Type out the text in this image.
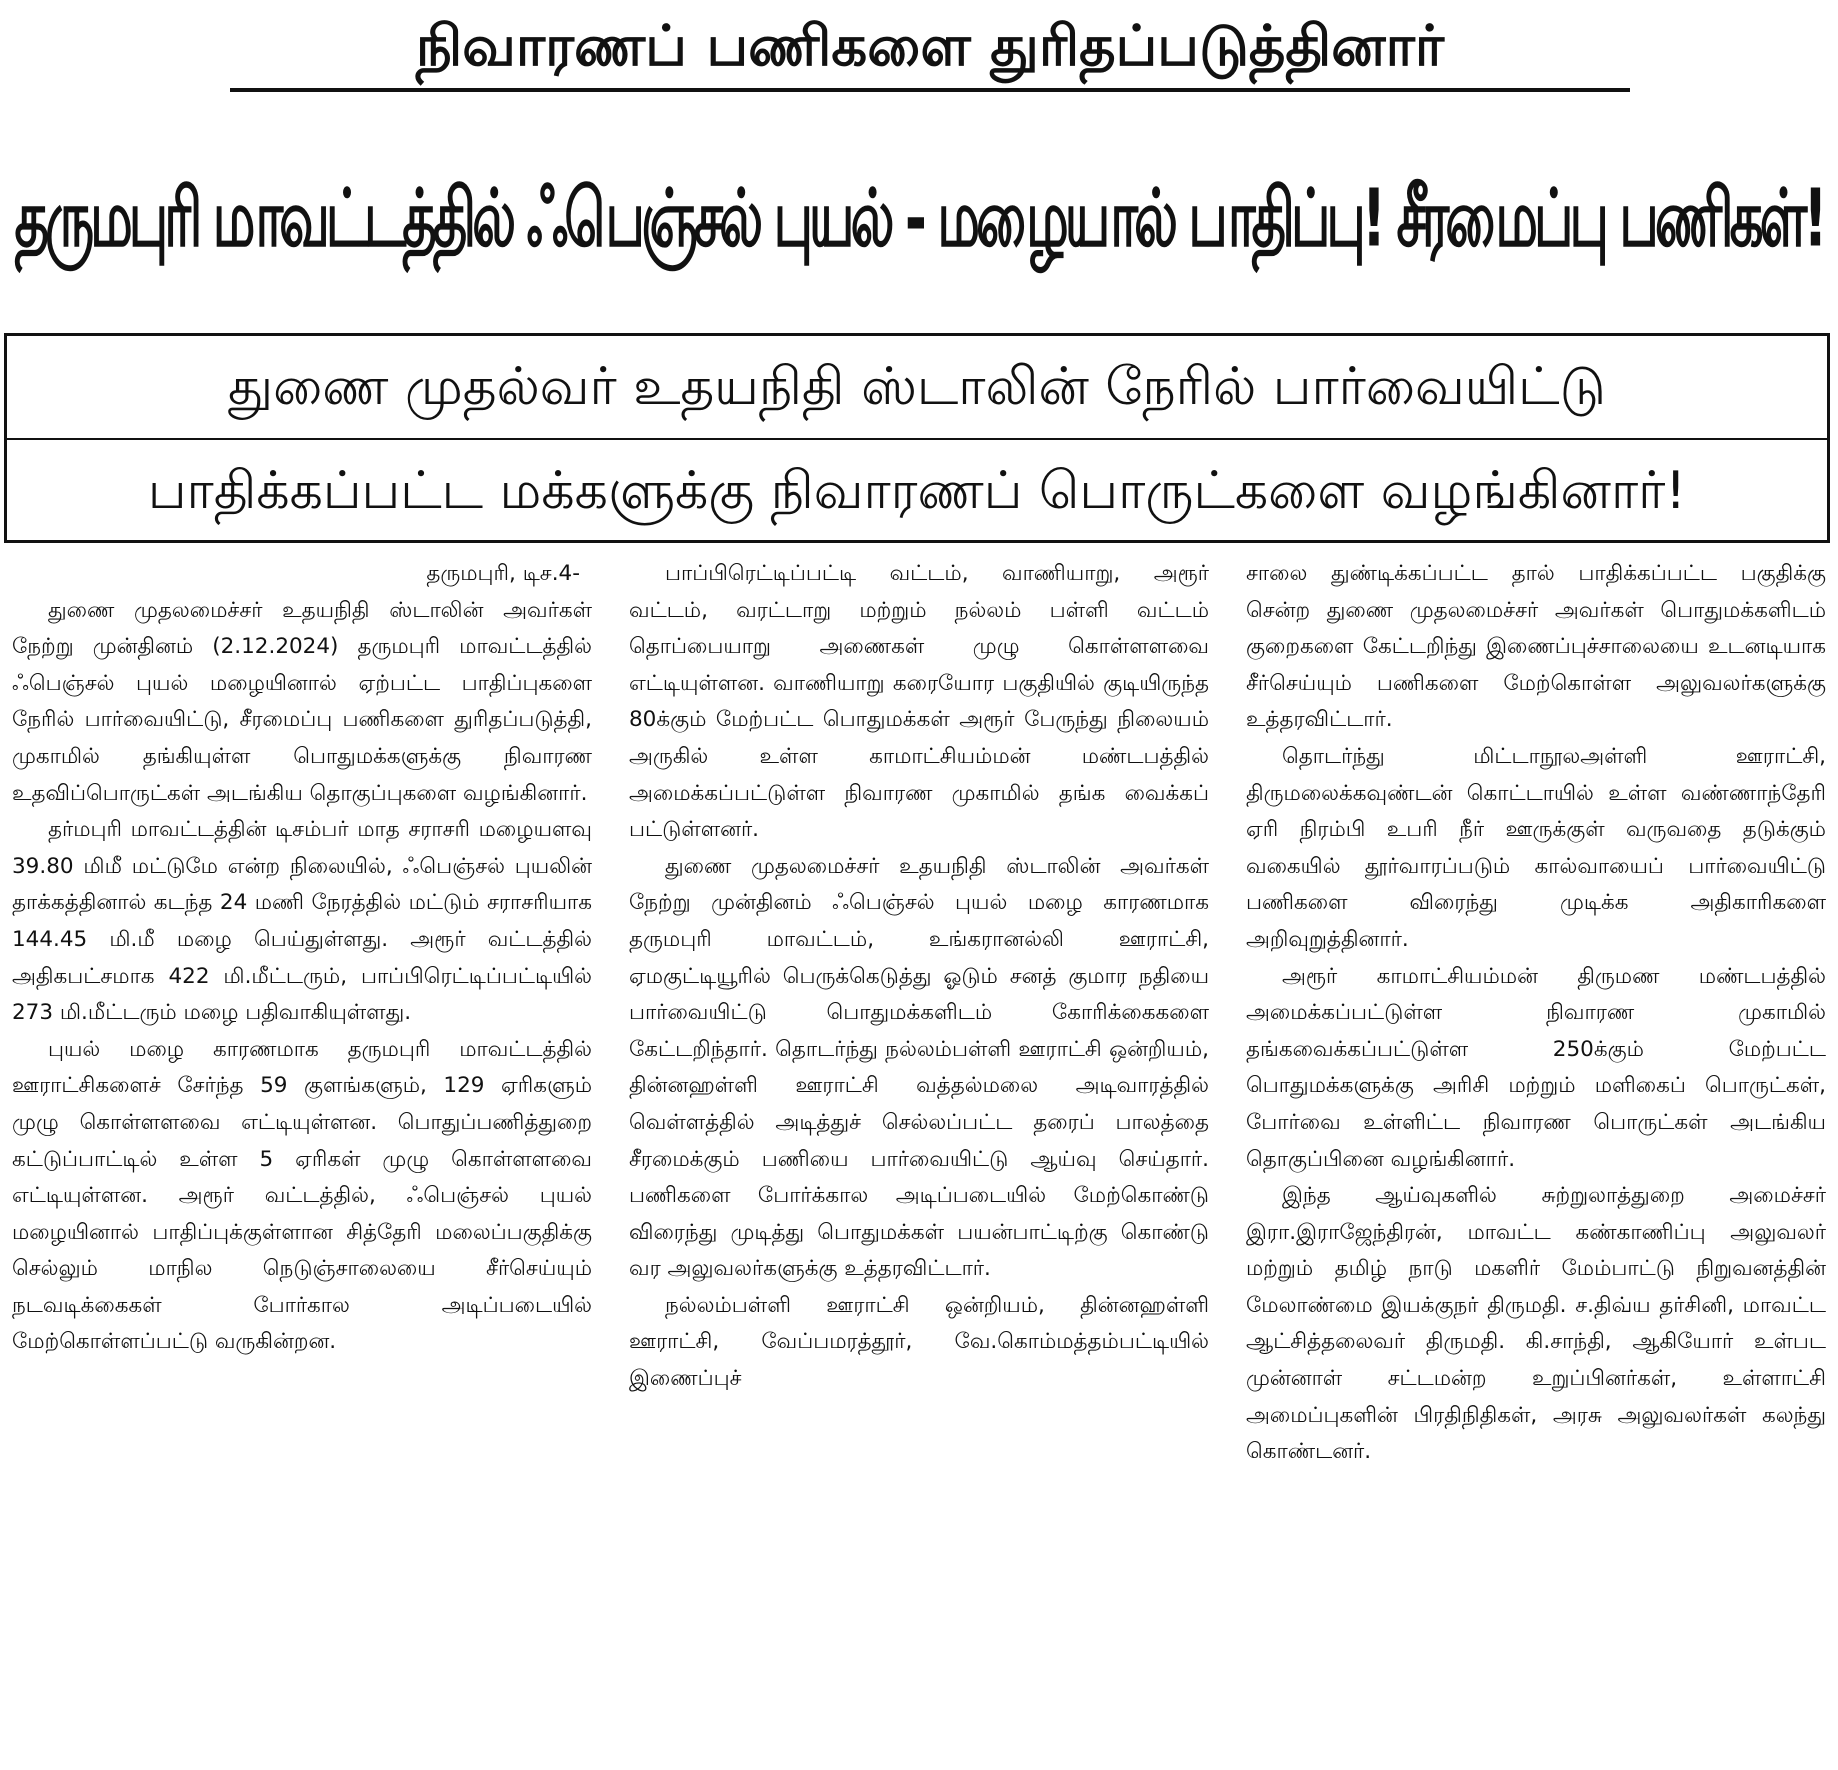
நிவாரணப் பணிகளை துரிதப்படுத்தினார்
தருமபுரி மாவட்டத்தில் ஃபெஞ்சல் புயல் - மழையால் பாதிப்பு! சீரமைப்பு பணிகள்!
துணை முதல்வர் உதயநிதி ஸ்டாலின் நேரில் பார்வையிட்டு
பாதிக்கப்பட்ட மக்களுக்கு நிவாரணப் பொருட்களை வழங்கினார்!

தருமபுரி, டிச.4-

துணை முதலமைச்சர் உதயநிதி ஸ்டாலின் அவர்கள் நேற்று முன்தினம் (2.12.2024) தருமபுரி மாவட்டத்தில் ஃபெஞ்சல் புயல் மழையினால் ஏற்பட்ட பாதிப்புகளை நேரில் பார்வையிட்டு, சீரமைப்பு பணிகளை துரிதப்படுத்தி, முகாமில் தங்கியுள்ள பொதுமக்களுக்கு நிவாரண உதவிப்பொருட்கள் அடங்கிய தொகுப்புகளை வழங்கினார்.

தர்மபுரி மாவட்டத்தின் டிசம்பர் மாத சராசரி மழையளவு 39.80 மிமீ மட்டுமே என்ற நிலையில், ஃபெஞ்சல் புயலின் தாக்கத்தினால் கடந்த 24 மணி நேரத்தில் மட்டும் சராசரியாக 144.45 மி.மீ மழை பெய்துள்ளது. அரூர் வட்டத்தில் அதிகபட்சமாக 422 மி.மீட்டரும், பாப்பிரெட்டிப்பட்டியில் 273 மி.மீட்டரும் மழை பதிவாகியுள்ளது.

புயல் மழை காரணமாக தருமபுரி மாவட்டத்தில் ஊராட்சிகளைச் சேர்ந்த 59 குளங்களும், 129 ஏரிகளும் முழு கொள்ளளவை எட்டியுள்ளன. பொதுப்பணித்துறை கட்டுப்பாட்டில் உள்ள 5 ஏரிகள் முழு கொள்ளளவை எட்டியுள்ளன. அரூர் வட்டத்தில், ஃபெஞ்சல் புயல் மழையினால் பாதிப்புக்குள்ளான சித்தேரி மலைப்பகுதிக்கு செல்லும் மாநில நெடுஞ்சாலையை சீர்செய்யும் நடவடிக்கைகள் போர்கால அடிப்படையில் மேற்கொள்ளப்பட்டு வருகின்றன.

பாப்பிரெட்டிப்பட்டி வட்டம், வாணியாறு, அரூர் வட்டம், வரட்டாறு மற்றும் நல்லம் பள்ளி வட்டம் தொப்பையாறு அணைகள் முழு கொள்ளளவை எட்டியுள்ளன. வாணியாறு கரையோர பகுதியில் குடியிருந்த 80க்கும் மேற்பட்ட பொதுமக்கள் அரூர் பேருந்து நிலையம் அருகில் உள்ள காமாட்சியம்மன் மண்டபத்தில் அமைக்கப்பட்டுள்ள நிவாரண முகாமில் தங்க வைக்கப் பட்டுள்ளனர்.

துணை முதலமைச்சர் உதயநிதி ஸ்டாலின் அவர்கள் நேற்று முன்தினம் ஃபெஞ்சல் புயல் மழை காரணமாக தருமபுரி மாவட்டம், உங்கரானல்லி ஊராட்சி, ஏமகுட்டியூரில் பெருக்கெடுத்து ஓடும் சனத் குமார நதியை பார்வையிட்டு பொதுமக்களிடம் கோரிக்கைகளை கேட்டறிந்தார். தொடர்ந்து நல்லம்பள்ளி ஊராட்சி ஒன்றியம், தின்னஹள்ளி ஊராட்சி வத்தல்மலை அடிவாரத்தில் வெள்ளத்தில் அடித்துச் செல்லப்பட்ட தரைப் பாலத்தை சீரமைக்கும் பணியை பார்வையிட்டு ஆய்வு செய்தார். பணிகளை போர்க்கால அடிப்படையில் மேற்கொண்டு விரைந்து முடித்து பொதுமக்கள் பயன்பாட்டிற்கு கொண்டு வர அலுவலர்களுக்கு உத்தரவிட்டார்.

நல்லம்பள்ளி ஊராட்சி ஒன்றியம், தின்னஹள்ளி ஊராட்சி, வேப்பமரத்தூர், வே.கொம்மத்தம்பட்டியில் இணைப்புச்

சாலை துண்டிக்கப்பட்ட தால் பாதிக்கப்பட்ட பகுதிக்கு சென்ற துணை முதலமைச்சர் அவர்கள் பொதுமக்களிடம் குறைகளை கேட்டறிந்து இணைப்புச்சாலையை உடனடியாக சீர்செய்யும் பணிகளை மேற்கொள்ள அலுவலர்களுக்கு உத்தரவிட்டார்.

தொடர்ந்து மிட்டாநூலஅள்ளி ஊராட்சி, திருமலைக்கவுண்டன் கொட்டாயில் உள்ள வண்ணாந்தேரி ஏரி நிரம்பி உபரி நீர் ஊருக்குள் வருவதை தடுக்கும் வகையில் தூர்வாரப்படும் கால்வாயைப் பார்வையிட்டு பணிகளை விரைந்து முடிக்க அதிகாரிகளை அறிவுறுத்தினார்.

அரூர் காமாட்சியம்மன் திருமண மண்டபத்தில் அமைக்கப்பட்டுள்ள நிவாரண முகாமில் தங்கவைக்கப்பட்டுள்ள 250க்கும் மேற்பட்ட பொதுமக்களுக்கு அரிசி மற்றும் மளிகைப் பொருட்கள், போர்வை உள்ளிட்ட நிவாரண பொருட்கள் அடங்கிய தொகுப்பினை வழங்கினார்.

இந்த ஆய்வுகளில் சுற்றுலாத்துறை அமைச்சர் இரா.இராஜேந்திரன், மாவட்ட கண்காணிப்பு அலுவலர் மற்றும் தமிழ் நாடு மகளிர் மேம்பாட்டு நிறுவனத்தின் மேலாண்மை இயக்குநர் திருமதி. ச.திவ்ய தர்சினி, மாவட்ட ஆட்சித்தலைவர் திருமதி. கி.சாந்தி, ஆகியோர் உள்பட முன்னாள் சட்டமன்ற உறுப்பினர்கள், உள்ளாட்சி அமைப்புகளின் பிரதிநிதிகள், அரசு அலுவலர்கள் கலந்து கொண்டனர்.
